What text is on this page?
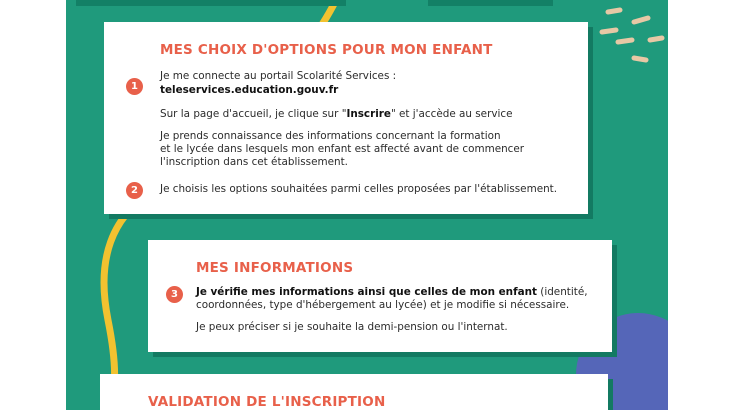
MES CHOIX D'OPTIONS POUR MON ENFANT
1

Je me connecte au portail Scolarité Services :

teleservices.education.gouv.fr

Sur la page d'accueil, je clique sur "Inscrire" et j'accède au service

Je prends connaissance des informations concernant la formation
et le lycée dans lesquels mon enfant est affecté avant de commencer
l'inscription dans cet établissement.

2	Je choisis les options souhaitées parmi celles proposées par l'établissement.

MES INFORMATIONS
3	Je vérifie mes informations ainsi que celles de mon enfant (identité,
coordonnées, type d'hébergement au lycée) et je modifie si nécessaire.

Je peux préciser si je souhaite la demi-pension ou l'internat.

VALIDATION DE L'INSCRIPTION
